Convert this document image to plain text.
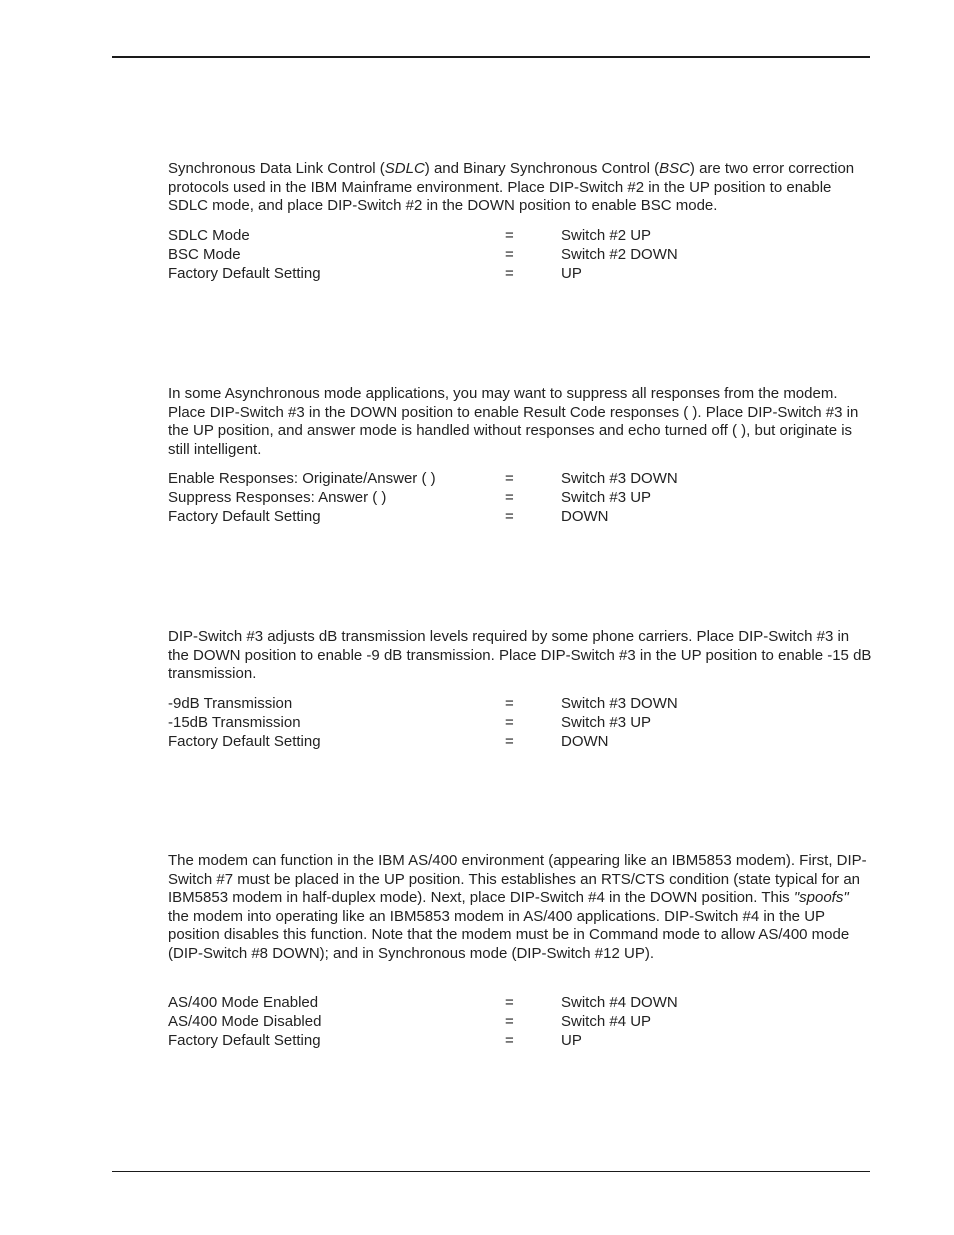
Synchronous Data Link Control (SDLC) and Binary Synchronous Control (BSC) are two error correction protocols used in the IBM Mainframe environment. Place DIP-Switch #2 in the UP position to enable SDLC mode, and place DIP-Switch #2 in the DOWN position to enable BSC mode.

SDLC Mode	=	Switch #2 UP
BSC Mode	=	Switch #2 DOWN
Factory Default Setting	=	UP

In some Asynchronous mode applications, you may want to suppress all responses from the modem. Place DIP-Switch #3 in the DOWN position to enable Result Code responses ( ). Place DIP-Switch #3 in the UP position, and answer mode is handled without responses and echo turned off ( ), but originate is still intelligent.

Enable Responses: Originate/Answer ( )	=	Switch #3 DOWN
Suppress Responses: Answer ( )	=	Switch #3 UP
Factory Default Setting	=	DOWN

DIP-Switch #3 adjusts dB transmission levels required by some phone carriers. Place DIP-Switch #3 in the DOWN position to enable -9 dB transmission. Place DIP-Switch #3 in the UP position to enable -15 dB transmission.

-9dB Transmission	=	Switch #3 DOWN
-15dB Transmission	=	Switch #3 UP
Factory Default Setting	=	DOWN

The modem can function in the IBM AS/400 environment (appearing like an IBM5853 modem). First, DIP-Switch #7 must be placed in the UP position. This establishes an RTS/CTS condition (state typical for an IBM5853 modem in half-duplex mode). Next, place DIP-Switch #4 in the DOWN position. This "spoofs" the modem into operating like an IBM5853 modem in AS/400 applications. DIP-Switch #4 in the UP position disables this function. Note that the modem must be in Command mode to allow AS/400 mode (DIP-Switch #8 DOWN); and in Synchronous mode (DIP-Switch #12 UP).

AS/400 Mode Enabled	=	Switch #4 DOWN
AS/400 Mode Disabled	=	Switch #4 UP
Factory Default Setting	=	UP
